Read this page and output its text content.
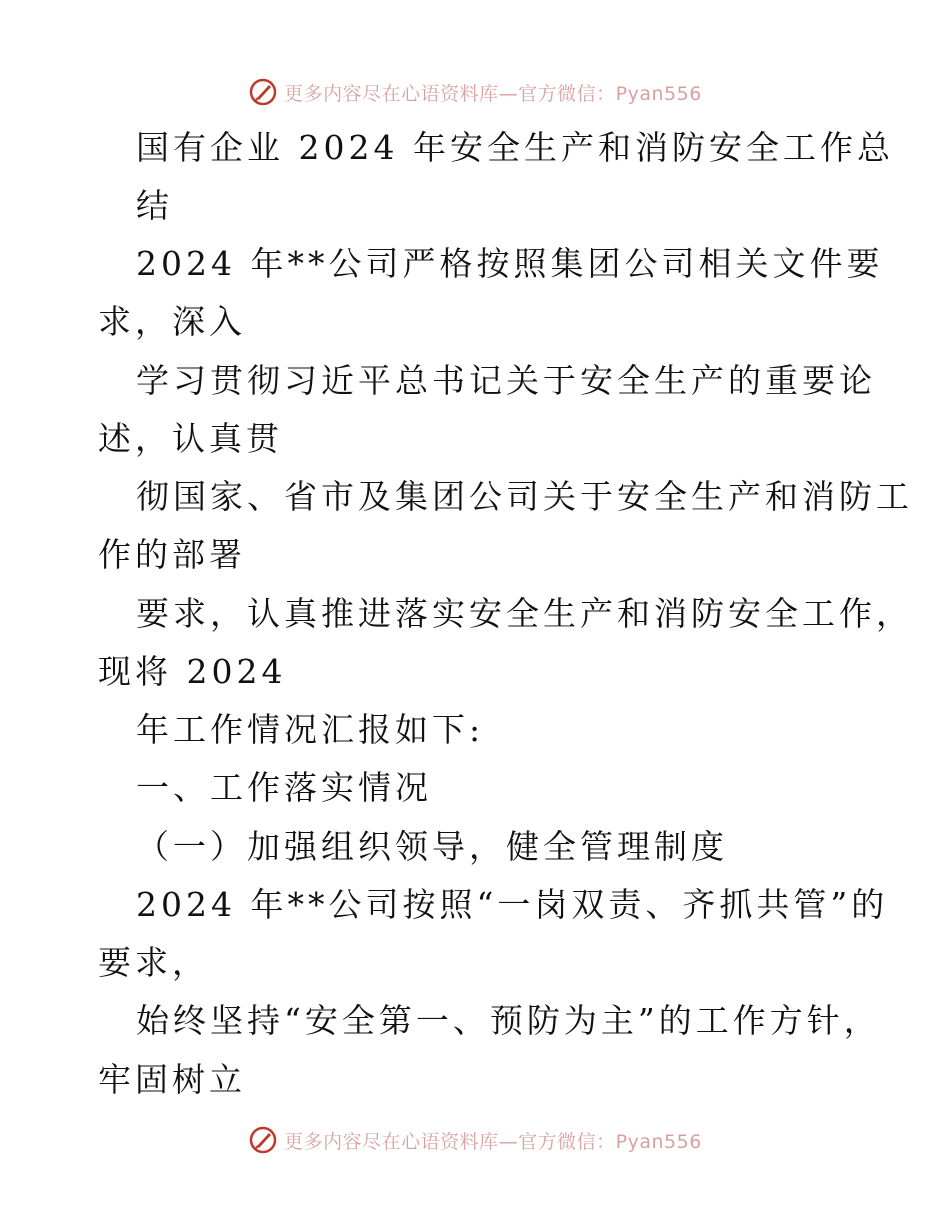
更多内容尽在心语资料库—官方微信：Pyan556
国有企业 2024 年安全生产和消防安全工作总
结
2024 年**公司严格按照集团公司相关文件要
求，深入
学习贯彻习近平总书记关于安全生产的重要论
述，认真贯
彻国家、省市及集团公司关于安全生产和消防工
作的部署
要求，认真推进落实安全生产和消防安全工作，
现将 2024
年工作情况汇报如下:
一、工作落实情况
（一）加强组织领导，健全管理制度
2024 年**公司按照“一岗双责、齐抓共管”的
要求，
始终坚持“安全第一、预防为主”的工作方针，
牢固树立
更多内容尽在心语资料库—官方微信：Pyan556
